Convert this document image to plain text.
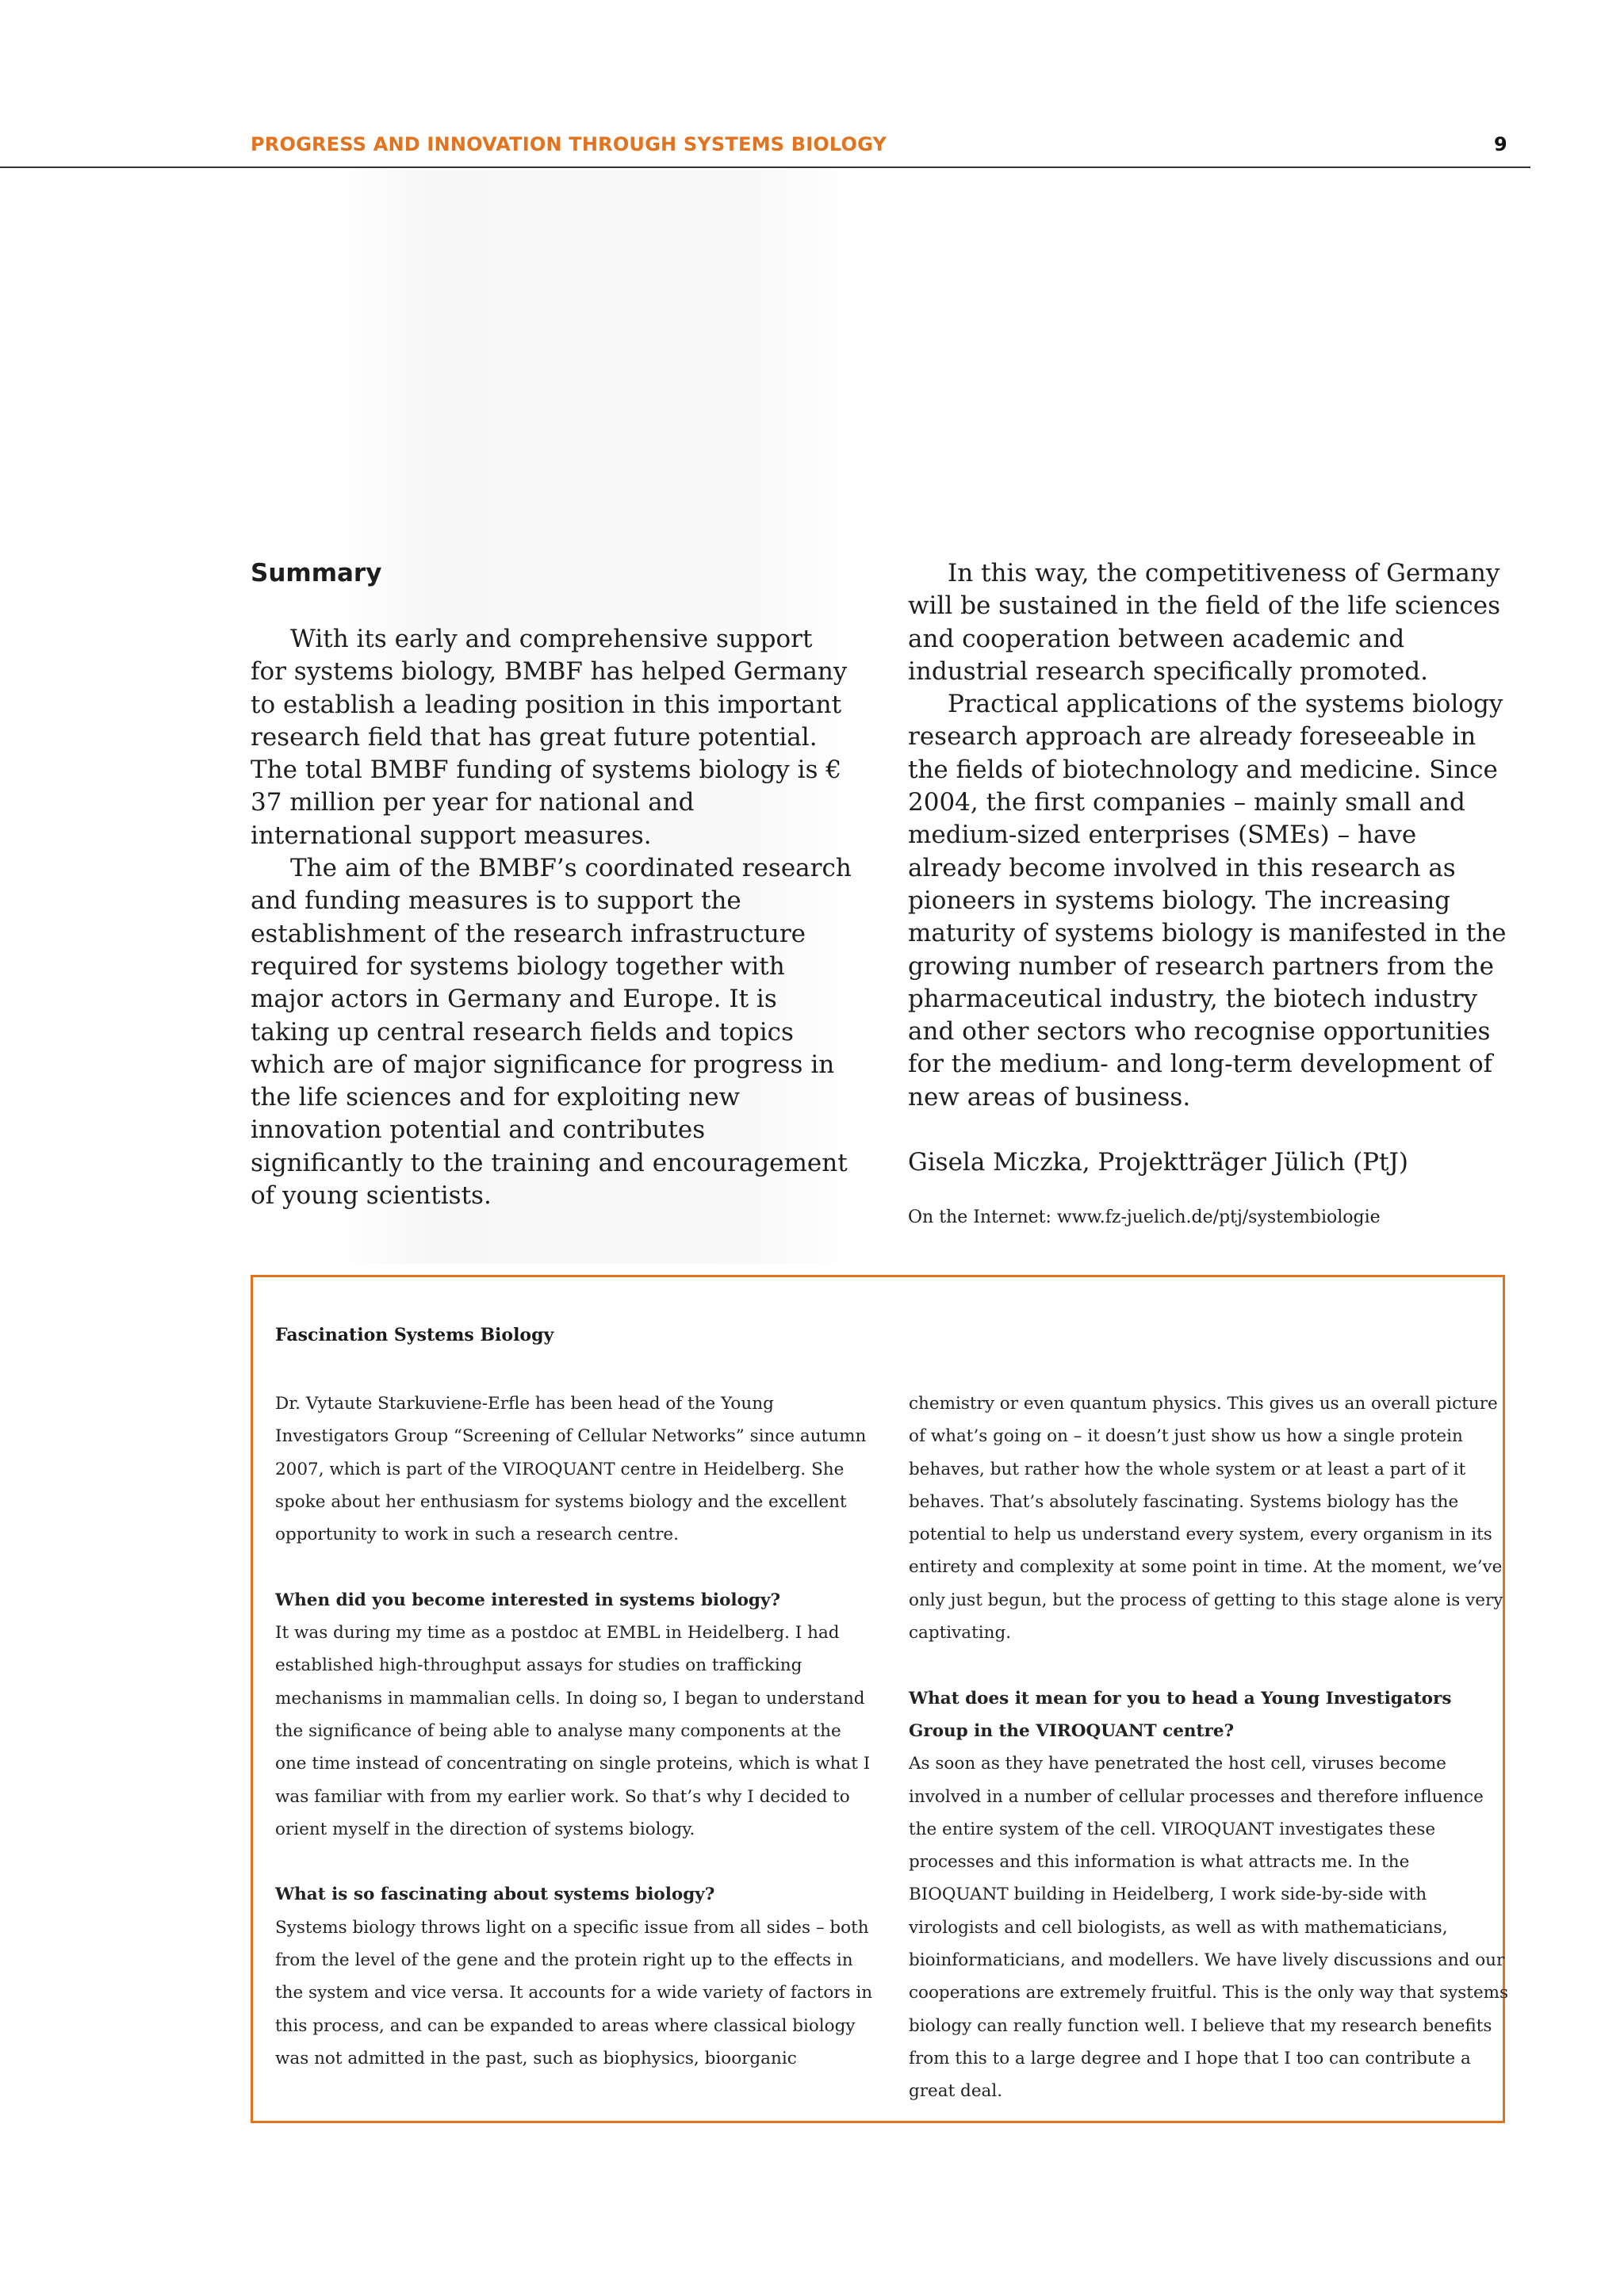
PROGRESS AND INNOVATION THROUGH SYSTEMS BIOLOGY	9
Summary

With its early and comprehensive support for systems biology, BMBF has helped Germany to establish a leading position in this important research field that has great future potential. The total BMBF funding of systems biology is € 37 million per year for national and international support measures.

The aim of the BMBF’s coordinated research and funding measures is to support the establishment of the research infrastructure required for systems biology together with major actors in Germany and Europe. It is taking up central research fields and topics which are of major significance for progress in the life sciences and for exploiting new innovation potential and contributes significantly to the training and encouragement of young scientists.

In this way, the competitiveness of Germany will be sustained in the field of the life sciences and cooperation between academic and industrial research specifically promoted.

Practical applications of the systems biology research approach are already foreseeable in the fields of biotechnology and medicine. Since 2004, the first companies – mainly small and medium-sized enterprises (SMEs) – have already become involved in this research as pioneers in systems biology. The increasing maturity of systems biology is manifested in the growing number of research partners from the pharmaceutical industry, the biotech industry and other sectors who recognise opportunities for the medium- and long-term development of new areas of business.

Gisela Miczka, Projektträger Jülich (PtJ)

On the Internet: www.fz-juelich.de/ptj/systembiologie

Fascination Systems Biology

Dr. Vytaute Starkuviene-Erfle has been head of the Young Investigators Group “Screening of Cellular Networks” since autumn 2007, which is part of the VIROQUANT centre in Heidelberg. She spoke about her enthusiasm for systems biology and the excellent opportunity to work in such a research centre.

When did you become interested in systems biology?

It was during my time as a postdoc at EMBL in Heidelberg. I had established high-throughput assays for studies on trafficking mechanisms in mammalian cells. In doing so, I began to understand the significance of being able to analyse many components at the one time instead of concentrating on single proteins, which is what I was familiar with from my earlier work. So that’s why I decided to orient myself in the direction of systems biology.

What is so fascinating about systems biology?

Systems biology throws light on a specific issue from all sides – both from the level of the gene and the protein right up to the effects in the system and vice versa. It accounts for a wide variety of factors in this process, and can be expanded to areas where classical biology was not admitted in the past, such as biophysics, bioorganic

chemistry or even quantum physics. This gives us an overall picture of what’s going on – it doesn’t just show us how a single protein behaves, but rather how the whole system or at least a part of it behaves. That’s absolutely fascinating. Systems biology has the potential to help us understand every system, every organism in its entirety and complexity at some point in time. At the moment, we’ve only just begun, but the process of getting to this stage alone is very captivating.

What does it mean for you to head a Young Investigators Group in the VIROQUANT centre?

As soon as they have penetrated the host cell, viruses become involved in a number of cellular processes and therefore influence the entire system of the cell. VIROQUANT investigates these processes and this information is what attracts me. In the BIOQUANT building in Heidelberg, I work side-by-side with virologists and cell biologists, as well as with mathematicians, bioinformaticians, and modellers. We have lively discussions and our cooperations are extremely fruitful. This is the only way that systems biology can really function well. I believe that my research benefits from this to a large degree and I hope that I too can contribute a great deal.
